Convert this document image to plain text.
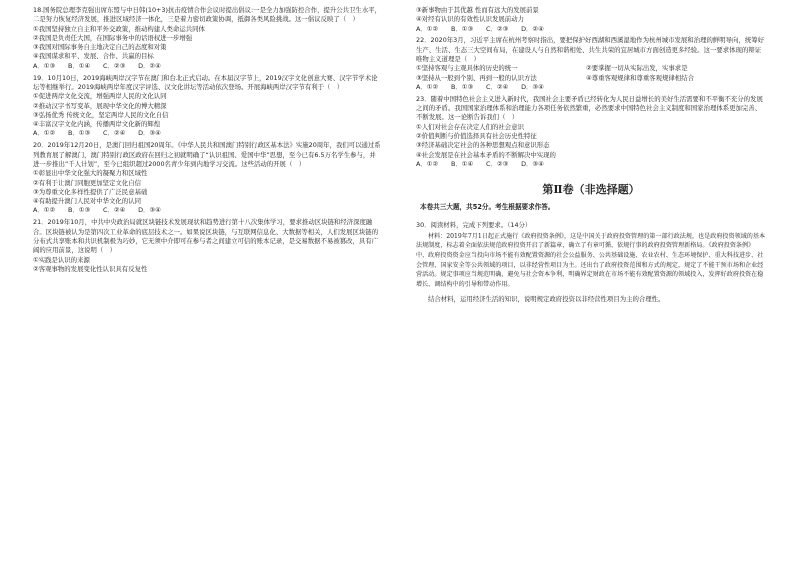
18.国务院总理李克强出席东盟与中日韩(10+3)抗击疫情合作会议时提出倡议:一是全力加强防控合作，提升公共卫生水平，二是努力恢复经济发展，推进区域经济一体化，三是着力密切政策协调，抵御各类风险挑战。这一倡议反映了（　）
①我国坚持独立自主和平外交政策，推动构建人类命运共同体
②我国是负责任大国，在国际事务中的话语权进一步增强
③我国对国际事务自主地决定自己的态度和对策
④我国谋求和平、发展、合作、共赢的目标
A．①③　　B．①④　　C．②③　　D．②④
19．10月10日，2019海峡两岸汉字节在澳门和台北正式启动。在本届汉字节上，2019汉字文化创意大赛、汉字节学术论坛等相继举行。2019海峡两岸年度汉字评选、汉文化讲坛等活动依次登场。开展海峡两岸汉字节有利于（　）
①促进两岸文化交流，增强两岸人民的文化认同
②推动汉字书写变革，展现中华文化的博大精深
③弘扬优秀 传统文化，坚定两岸人民的文化自信
④丰富汉字文化内涵，传播两岸文化新的辉煌
A．①②　　B．①③　　C．②④　　D．③④
20．2019年12月20日，是澳门回归祖国20周年。《中华人民共和国澳门特别行政区基本法》实施20周年，我们可以通过系列教育展了解澳门，澳门特别行政区政府在回归之初就明确了“认识祖国、爱国中华”思想，至今已有6.5万名学生参与，并进一步推出“千人计划”，至今已组织超过2000名青少年到内地学习交流。这些活动的开展（　）
①彰显出中华文化强大的凝聚力和区域性
②有利于让澳门同胞更加坚定文化自信
③为尊重文化多样性提供了广泛民意基础
④有助提升澳门人民对中华文化的认同
A．①②　　B．①③　　C．②④　　D．③④
21．2019年10月，中共中央政治局就区块链技术发展现状和趋势进行第十八次集体学习，要求推动区块链和经济深度融合。区块链被认为是第四次工业革命的底层技术之一。如果说区块链，与互联网信息化、大数据等相关，人们发展区块链的分布式共享账本和共识机制极为巧妙，它无须中介即可在参与者之间建立可信的账本记录，是交易数据不易被篡改，具有广阔的应用前景，这说明（　）
①实践是认识的来源
②客观事物的发展变化性认识具有反复性
③新事物由于其优越 性而有远大的发展前景
④对经有认识的有效性认识发展前动力
A．①②　　B．①③　　C．②③　　D．②④
22．2020年3月，习近平主席在杭州考察时指出，要把保护好西湖和西溪湿地作为杭州城市发展和治理的鲜明导向，统筹好生产、生活、生态三大空间布局，在建设人与自然和谐相处、共生共荣的宜居城市方面创造更多经验。这一要求体现的辩证唯物主义道理是（　）
①坚持客观与主观具体的历史的统一	②要掌握一切从实际出发，实事求是
③坚持从一般到个别、再到一般的认识方法	④尊重客观规律和尊重客观规律相结合
A．①②　　B．①③　　C．②④　　D．③④
23．随着中国特色社会主义进入新时代，我国社会主要矛盾已经转化为人民日益增长的美好生活需要和不平衡不充分的发展之间的矛盾。我国国家治理体系和治理能力各项任务依然繁重，必然要求中国特色社会主义制度和国家治理体系更加完善、不断发展。这一论断告诉我们（　）
①人们对社会存在决定人们的社会意识
②价值判断与价值选择具有社会历史性特征
③经济基础决定社会的各种思想观点和意识形态
④社会发展是在社会基本矛盾的不断解决中实现的
A．①②　　B．①④　　C．②③　　D．③④
第Ⅱ卷（非选择题）
本卷共三大题，共52分。考生根据要求作答。
30．阅读材料，完成下列要求。（14分）
材料：2019年7月1日起正式施行《政府投资条例》，这是中国关于政府投资管理的第一部行政法规，也是政府投资领域的基本法规制度，标志着全面依法规范政府投资开启了新篇章，确立了有章可循、依规行事的政府投资管理新格局。《政府投资条例》中，政府投资资金应当投向市场不能有效配置资源的社会公益服务、公共基础设施、农业农村、生态环境保护、重大科技进步、社会管理、国家安全等公共领域的项目，以非经营性项目为主。还出台了政府投资范围和方式的规定，规定了不能干预市场和企业经营活动。规定事项应当规范明确，避免与社会资本争利，明确界定财政在市场不能有效配置资源的领域投入，发挥好政府投资在稳增长、调结构中的引导和带动作用。
结合材料，运用经济生活的知识，说明规定政府投资以非经营性项目为主的合理性。
